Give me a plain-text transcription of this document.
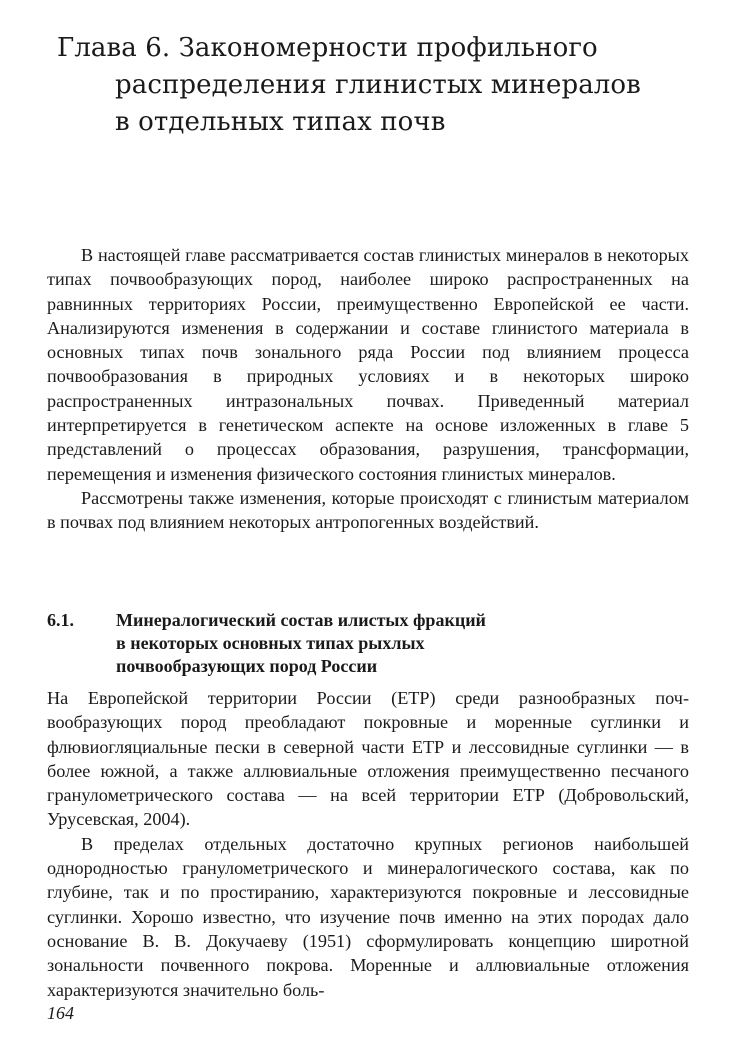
Глава 6. Закономерности профильного
распределения глинистых минералов
в отдельных типах почв

В настоящей главе рассматривается состав глинистых минералов в некоторых типах почвообразующих пород, наиболее широко распространенных на равнинных территориях России, преимущественно Европейской ее части. Анализируются изменения в содержании и составе глинистого материала в основных типах почв зонального ряда России под влиянием процесса почвообразования в природных условиях и в некоторых широко распространенных интразональных почвах. Приведенный материал интерпретируется в генетическом аспекте на основе изложенных в главе 5 представлений о процессах образования, разрушения, трансформации, перемещения и изменения физического состояния глинистых минералов.

Рассмотрены также изменения, которые происходят с глинистым материалом в почвах под влиянием некоторых антропогенных воздействий.

6.1. Минералогический состав илистых фракций
в некоторых основных типах рыхлых
почвообразующих пород России

На Европейской территории России (ЕТР) среди разнообразных почвообразующих пород преобладают покровные и моренные суглинки и флювиогляциальные пески в северной части ЕТР и лессовидные суглинки — в более южной, а также аллювиальные отложения преимущественно песчаного гранулометрического состава — на всей территории ЕТР (Добровольский, Урусевская, 2004).

В пределах отдельных достаточно крупных регионов наибольшей однородностью гранулометрического и минералогического состава, как по глубине, так и по простиранию, характеризуются покровные и лессовидные суглинки. Хорошо известно, что изучение почв именно на этих породах дало основание В. В. Докучаеву (1951) сформулировать концепцию широтной зональности почвенного покрова. Моренные и аллювиальные отложения характеризуются значительно боль-

164
